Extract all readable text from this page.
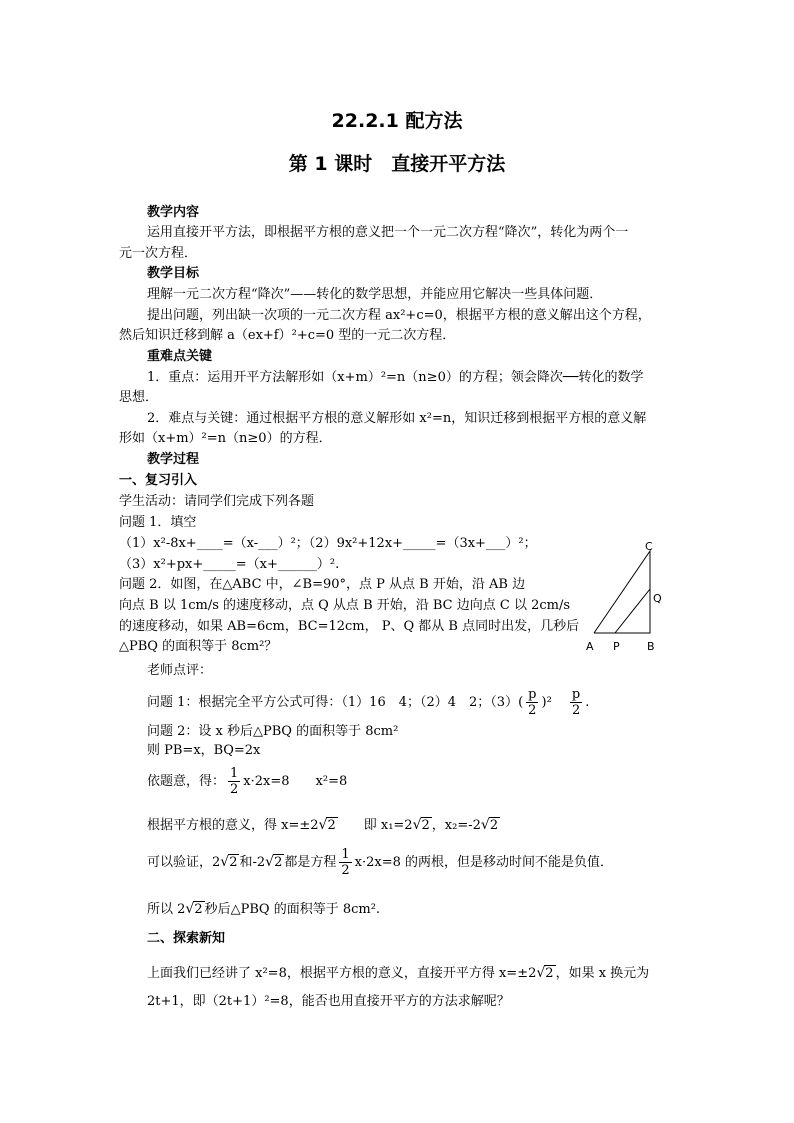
22.2.1 配方法
第 1 课时　直接开平方法
教学内容
运用直接开平方法，即根据平方根的意义把一个一元二次方程“降次”，转化为两个一
元一次方程．
教学目标
理解一元二次方程“降次”——转化的数学思想，并能应用它解决一些具体问题．
提出问题，列出缺一次项的一元二次方程 ax²+c=0，根据平方根的意义解出这个方程，
然后知识迁移到解 a（ex+f）²+c=0 型的一元二次方程．
重难点关键
1．重点：运用开平方法解形如（x+m）²=n（n≥0）的方程；领会降次──转化的数学
思想．
2．难点与关键：通过根据平方根的意义解形如 x²=n，知识迁移到根据平方根的意义解
形如（x+m）²=n（n≥0）的方程．
教学过程
一、复习引入
学生活动：请同学们完成下列各题
问题 1．填空
（1）x²-8x+____=（x-___）²；（2）9x²+12x+_____=（3x+___）²；
（3）x²+px+_____=（x+______）².
问题 2．如图，在△ABC 中，∠B=90°，点 P 从点 B 开始，沿 AB 边
向点 B 以 1cm/s 的速度移动，点 Q 从点 B 开始，沿 BC 边向点 C 以 2cm/s
的速度移动，如果 AB=6cm，BC=12cm， P、Q 都从 B 点同时出发，几秒后
△PBQ 的面积等于 8cm²？
C
Q
A P B
老师点评：
问题 1：根据完全平方公式可得：（1）16　4；（2）4　2；$(3)( \frac{p}{2} )^2 \frac{p}{2}$ .
问题 2：设 x 秒后△PBQ 的面积等于 8cm²
则 PB=x，BQ=2x
依题意，得： $\frac{1}{2} x\cdot 2x=8$　　x²=8
根据平方根的意义，得 x=±2√2　　即 x₁=2√2 ，x₂=-2√2
可以验证，2√2 和-2√2 都是方程 $\frac{1}{2} x\cdot 2x=8$ 的两根，但是移动时间不能是负值．
所以 2√2 秒后△PBQ 的面积等于 8cm².
二、探索新知
上面我们已经讲了 x²=8，根据平方根的意义，直接开平方得 x=±2√2 ，如果 x 换元为
2t+1，即（2t+1）²=8，能否也用直接开平方的方法求解呢？
